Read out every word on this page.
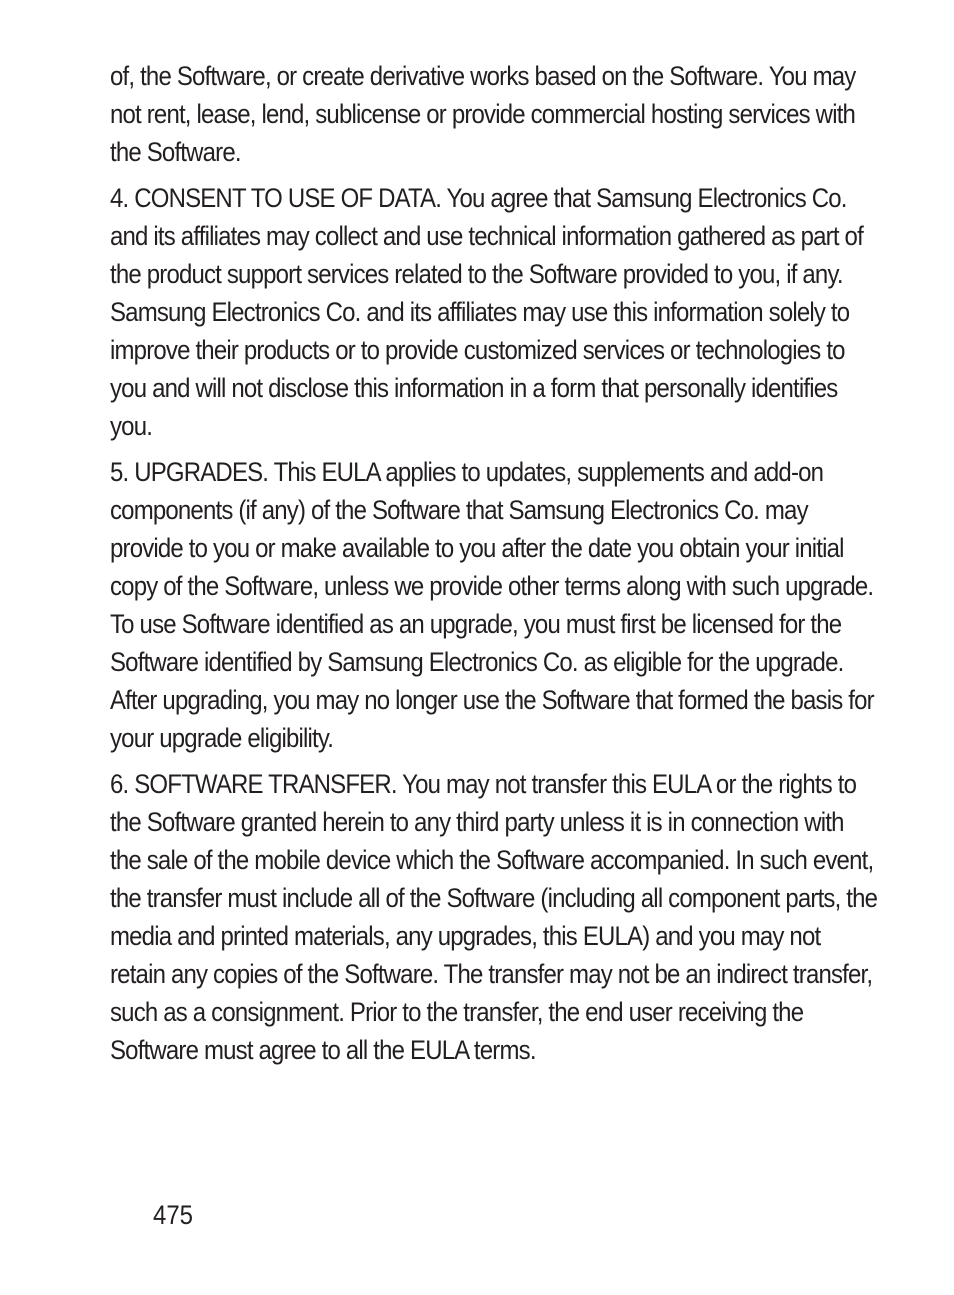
of, the Software, or create derivative works based on the Software. You may not rent, lease, lend, sublicense or provide commercial hosting services with the Software.

4. CONSENT TO USE OF DATA. You agree that Samsung Electronics Co. and its affiliates may collect and use technical information gathered as part of the product support services related to the Software provided to you, if any. Samsung Electronics Co. and its affiliates may use this information solely to improve their products or to provide customized services or technologies to you and will not disclose this information in a form that personally identifies you.

5. UPGRADES. This EULA applies to updates, supplements and add-on components (if any) of the Software that Samsung Electronics Co. may provide to you or make available to you after the date you obtain your initial copy of the Software, unless we provide other terms along with such upgrade. To use Software identified as an upgrade, you must first be licensed for the Software identified by Samsung Electronics Co. as eligible for the upgrade. After upgrading, you may no longer use the Software that formed the basis for your upgrade eligibility.

6. SOFTWARE TRANSFER. You may not transfer this EULA or the rights to the Software granted herein to any third party unless it is in connection with the sale of the mobile device which the Software accompanied. In such event, the transfer must include all of the Software (including all component parts, the media and printed materials, any upgrades, this EULA) and you may not retain any copies of the Software. The transfer may not be an indirect transfer, such as a consignment. Prior to the transfer, the end user receiving the Software must agree to all the EULA terms.

475
